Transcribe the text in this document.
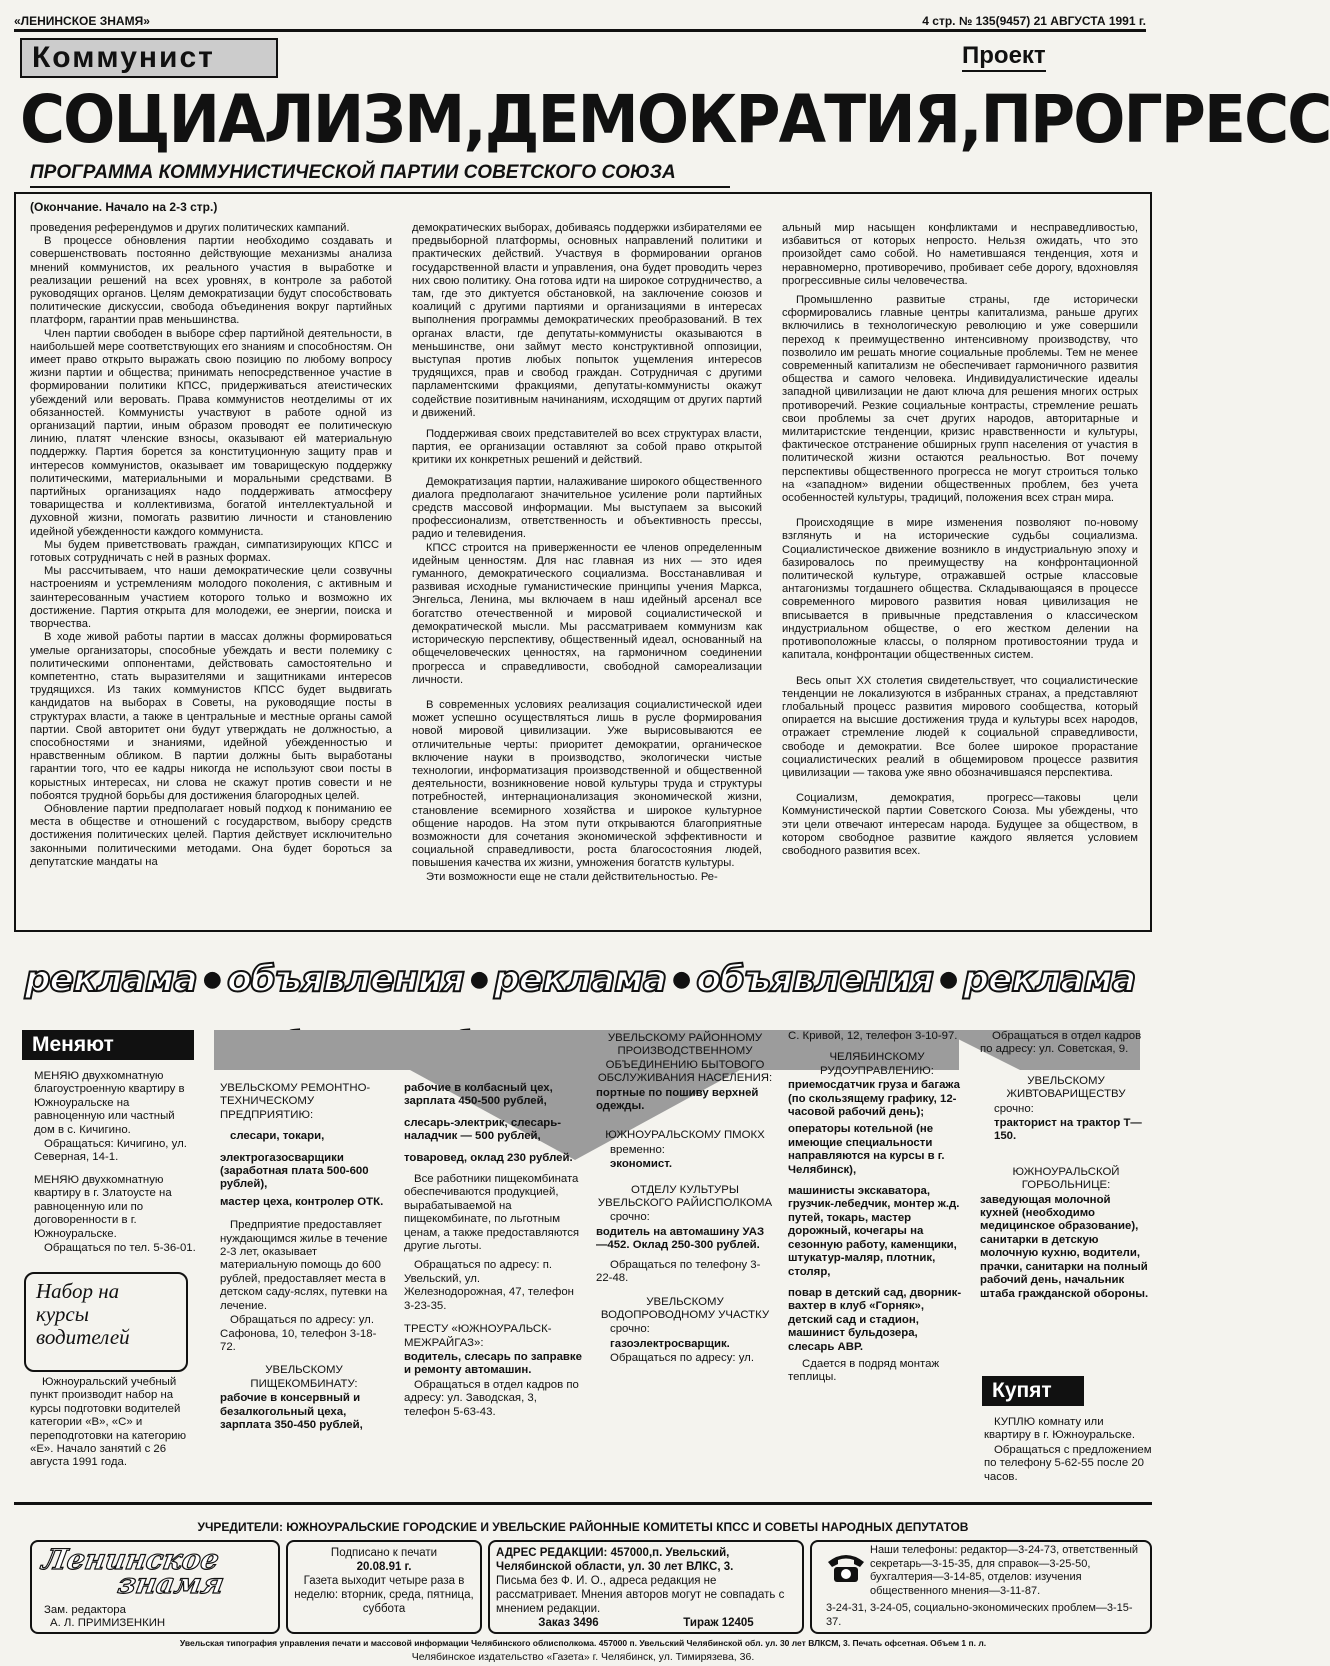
«ЛЕНИНСКОЕ ЗНАМЯ»	4 стр. № 135(9457) 21 АВГУСТА 1991 г.
Коммунист	Проект
СОЦИАЛИЗМ,ДЕМОКРАТИЯ,ПРОГРЕСС
ПРОГРАММА КОММУНИСТИЧЕСКОЙ ПАРТИИ СОВЕТСКОГО СОЮЗА
(Окончание. Начало на 2-3 стр.)

проведения референдумов и других политических кампаний.

В процессе обновления партии необходимо создавать и совершенствовать постоянно действующие механизмы анализа мнений коммунистов, их реального участия в выработке и реализации решений на всех уровнях, в контроле за работой руководящих органов. Целям демократизации будут способствовать политические дискуссии, свобода объединения вокруг партийных платформ, гарантии прав меньшинства.

Член партии свободен в выборе сфер партийной деятельности, в наибольшей мере соответствующих его знаниям и способностям. Он имеет право открыто выражать свою позицию по любому вопросу жизни партии и общества; принимать непосредственное участие в формировании политики КПСС, придерживаться атеистических убеждений или веровать. Права коммунистов неотделимы от их обязанностей. Коммунисты участвуют в работе одной из организаций партии, иным образом проводят ее политическую линию, платят членские взносы, оказывают ей материальную поддержку. Партия борется за конституционную защиту прав и интересов коммунистов, оказывает им товарищескую поддержку политическими, материальными и моральными средствами. В партийных организациях надо поддерживать атмосферу товарищества и коллективизма, богатой интеллектуальной и духовной жизни, помогать развитию личности и становлению идейной убежденности каждого коммуниста.

Мы будем приветствовать граждан, симпатизирующих КПСС и готовых сотрудничать с ней в разных формах.

Мы рассчитываем, что наши демократические цели созвучны настроениям и устремлениям молодого поколения, с активным и заинтересованным участием которого только и возможно их достижение. Партия открыта для молодежи, ее энергии, поиска и творчества.

В ходе живой работы партии в массах должны формироваться умелые организаторы, способные убеждать и вести полемику с политическими оппонентами, действовать самостоятельно и компетентно, стать выразителями и защитниками интересов трудящихся. Из таких коммунистов КПСС будет выдвигать кандидатов на выборах в Советы, на руководящие посты в структурах власти, а также в центральные и местные органы самой партии. Свой авторитет они будут утверждать не должностью, а способностями и знаниями, идейной убежденностью и нравственным обликом. В партии должны быть выработаны гарантии того, что ее кадры никогда не используют свои посты в корыстных интересах, ни слова не скажут против совести и не побоятся трудной борьбы для достижения благородных целей.

Обновление партии предполагает новый подход к пониманию ее места в обществе и отношений с государством, выбору средств достижения политических целей. Партия действует исключительно законными политическими методами. Она будет бороться за депутатские мандаты на

демократических выборах, добиваясь поддержки избирателями ее предвыборной платформы, основных направлений политики и практических действий. Участвуя в формировании органов государственной власти и управления, она будет проводить через них свою политику. Она готова идти на широкое сотрудничество, а там, где это диктуется обстановкой, на заключение союзов и коалиций с другими партиями и организациями в интересах выполнения программы демократических преобразований. В тех органах власти, где депутаты-коммунисты оказываются в меньшинстве, они займут место конструктивной оппозиции, выступая против любых попыток ущемления интересов трудящихся, прав и свобод граждан. Сотрудничая с другими парламентскими фракциями, депутаты-коммунисты окажут содействие позитивным начинаниям, исходящим от других партий и движений.

Поддерживая своих представителей во всех структурах власти, партия, ее организации оставляют за собой право открытой критики их конкретных решений и действий.

Демократизация партии, налаживание широкого общественного диалога предполагают значительное усиление роли партийных средств массовой информации. Мы выступаем за высокий профессионализм, ответственность и объективность прессы, радио и телевидения.

КПСС строится на приверженности ее членов определенным идейным ценностям. Для нас главная из них — это идея гуманного, демократического социализма. Восстанавливая и развивая исходные гуманистические принципы учения Маркса, Энгельса, Ленина, мы включаем в наш идейный арсенал все богатство отечественной и мировой социалистической и демократической мысли. Мы рассматриваем коммунизм как историческую перспективу, общественный идеал, основанный на общечеловеческих ценностях, на гармоничном соединении прогресса и справедливости, свободной самореализации личности.

В современных условиях реализация социалистической идеи может успешно осуществляться лишь в русле формирования новой мировой цивилизации. Уже вырисовываются ее отличительные черты: приоритет демократии, органическое включение науки в производство, экологически чистые технологии, информатизация производственной и общественной деятельности, возникновение новой культуры труда и структуры потребностей, интернационализация экономической жизни, становление всемирного хозяйства и широкое культурное общение народов. На этом пути открываются благоприятные возможности для сочетания экономической эффективности и социальной справедливости, роста благосостояния людей, повышения качества их жизни, умножения богатств культуры.

Эти возможности еще не стали действительностью. Ре-

альный мир насыщен конфликтами и несправедливостью, избавиться от которых непросто. Нельзя ожидать, что это произойдет само собой. Но наметившаяся тенденция, хотя и неравномерно, противоречиво, пробивает себе дорогу, вдохновляя прогрессивные силы человечества.

Промышленно развитые страны, где исторически сформировались главные центры капитализма, раньше других включились в технологическую революцию и уже совершили переход к преимущественно интенсивному производству, что позволило им решать многие социальные проблемы. Тем не менее современный капитализм не обеспечивает гармоничного развития общества и самого человека. Индивидуалистические идеалы западной цивилизации не дают ключа для решения многих острых противоречий. Резкие социальные контрасты, стремление решать свои проблемы за счет других народов, авторитарные и милитаристские тенденции, кризис нравственности и культуры, фактическое отстранение обширных групп населения от участия в политической жизни остаются реальностью. Вот почему перспективы общественного прогресса не могут строиться только на «западном» видении общественных проблем, без учета особенностей культуры, традиций, положения всех стран мира.

Происходящие в мире изменения позволяют по-новому взглянуть и на исторические судьбы социализма. Социалистическое движение возникло в индустриальную эпоху и базировалось по преимуществу на конфронтационной политической культуре, отражавшей острые классовые антагонизмы тогдашнего общества. Складывающаяся в процессе современного мирового развития новая цивилизация не вписывается в привычные представления о классическом индустриальном обществе, о его жестком делении на противоположные классы, о полярном противостоянии труда и капитала, конфронтации общественных систем.

Весь опыт XX столетия свидетельствует, что социалистические тенденции не локализуются в избранных странах, а представляют глобальный процесс развития мирового сообщества, который опирается на высшие достижения труда и культуры всех народов, отражает стремление людей к социальной справедливости, свободе и демократии. Все более широкое прорастание социалистических реалий в общемировом процессе развития цивилизации — такова уже явно обозначившаяся перспектива.

Социализм, демократия, прогресс—таковы цели Коммунистической партии Советского Союза. Мы убеждены, что эти цели отвечают интересам народа. Будущее за обществом, в котором свободное развитие каждого является условием свободного развития всех.

реклама ● объявления ● реклама ● объявления ● реклама
Меняют

МЕНЯЮ двухкомнатную благоустроенную квартиру в Южноуральске на равноценную или частный дом в с. Кичигино.

Обращаться: Кичигино, ул. Северная, 14-1.

МЕНЯЮ двухкомнатную квартиру в г. Златоусте на равноценную или по договоренности в г. Южноуральске.

Обращаться по тел. 5-36-01.

Набор на курсы водителей
Южноуральский учебный пункт производит набор на курсы подготовки водителей категории «В», «С» и переподготовки на категорию «Е». Начало занятий с 26 августа 1991 года.

УВЕЛЬСКОМУ РЕМОНТНО-ТЕХНИЧЕСКОМУ ПРЕДПРИЯТИЮ:

слесари, токари,

электрогазосварщики (заработная плата 500-600 рублей),

мастер цеха, контролер ОТК.

Предприятие предоставляет нуждающимся жилье в течение 2-3 лет, оказывает материальную помощь до 600 рублей, предоставляет места в детском саду-яслях, путевки на лечение.

Обращаться по адресу: ул. Сафонова, 10, телефон 3-18-72.

УВЕЛЬСКОМУ ПИЩЕКОМБИНАТУ:

рабочие в консервный и безалкогольный цеха, зарплата 350-450 рублей,

рабочие в колбасный цех, зарплата 450-500 рублей,

слесарь-электрик, слесарь-наладчик — 500 рублей,

товаровед, оклад 230 рублей.

Все работники пищекомбината обеспечиваются продукцией, вырабатываемой на пищекомбинате, по льготным ценам, а также предоставляются другие льготы.

Обращаться по адресу: п. Увельский, ул. Железнодорожная, 47, телефон 3-23-35.

ТРЕСТУ «ЮЖНОУРАЛЬСК-МЕЖРАЙГАЗ»:

водитель, слесарь по заправке и ремонту автомашин.

Обращаться в отдел кадров по адресу: ул. Заводская, 3, телефон 5-63-43.

УВЕЛЬСКОМУ РАЙОННОМУ ПРОИЗВОДСТВЕННОМУ ОБЪЕДИНЕНИЮ БЫТОВОГО ОБСЛУЖИВАНИЯ НАСЕЛЕНИЯ:

портные по пошиву верхней одежды.

ЮЖНОУРАЛЬСКОМУ ПМОКХ

временно:

экономист.

ОТДЕЛУ КУЛЬТУРЫ УВЕЛЬСКОГО РАЙИСПОЛКОМА

срочно:

водитель на автомашину УАЗ—452. Оклад 250-300 рублей.

Обращаться по телефону 3-22-48.

УВЕЛЬСКОМУ ВОДОПРОВОДНОМУ УЧАСТКУ

срочно:

газоэлектросварщик.

Обращаться по адресу: ул.

С. Кривой, 12, телефон 3-10-97.

ЧЕЛЯБИНСКОМУ РУДОУПРАВЛЕНИЮ:

приемосдатчик груза и багажа (по скользящему графику, 12-часовой рабочий день);

операторы котельной (не имеющие специальности направляются на курсы в г. Челябинск),

машинисты экскаватора, грузчик-лебедчик, монтер ж.д. путей, токарь, мастер дорожный, кочегары на сезонную работу, каменщики, штукатур-маляр, плотник, столяр,

повар в детский сад, дворник-вахтер в клуб «Горняк», детский сад и стадион, машинист бульдозера, слесарь АВР.

Сдается в подряд монтаж теплицы.

Обращаться в отдел кадров по адресу: ул. Советская, 9.

УВЕЛЬСКОМУ ЖИВТОВАРИЩЕСТВУ

срочно:

тракторист на трактор Т—150.

ЮЖНОУРАЛЬСКОЙ ГОРБОЛЬНИЦЕ:

заведующая молочной кухней (необходимо медицинское образование), санитарки в детскую молочную кухню, водители, прачки, санитарки на полный рабочий день, начальник штаба гражданской обороны.

Купят

КУПЛЮ комнату или квартиру в г. Южноуральске.

Обращаться с предложением по телефону 5-62-55 после 20 часов.

УЧРЕДИТЕЛИ: ЮЖНОУРАЛЬСКИЕ ГОРОДСКИЕ И УВЕЛЬСКИЕ РАЙОННЫЕ КОМИТЕТЫ КПСС И СОВЕТЫ НАРОДНЫХ ДЕПУТАТОВ
Ленинское
знамя
Зам. редактора
А. Л. ПРИМИЗЕНКИН
Подписано к печати
20.08.91 г.
Газета выходит четыре раза в неделю: вторник, среда, пятница, суббота
АДРЕС РЕДАКЦИИ: 457000,п. Увельский, Челябинской области, ул. 30 лет ВЛКС, 3.
Письма без Ф. И. О., адреса редакция не рассматривает. Мнения авторов могут не совпадать с мнением редакции.
Заказ 3496	Тираж 12405
Наши телефоны: редактор—3-24-73, ответственный секретарь—3-15-35, для справок—3-25-50, бухгалтерия—3-14-85, отделов: изучения общественного мнения—3-11-87.
3-24-31, 3-24-05, социально-экономических проблем—3-15-37.
Увельская типография управления печати и массовой информации Челябинского облисполкома. 457000 п. Увельский Челябинской обл. ул. 30 лет ВЛКСМ, 3. Печать офсетная. Объем 1 п. л.
Челябинское издательство «Газета» г. Челябинск, ул. Тимирязева, 36.
